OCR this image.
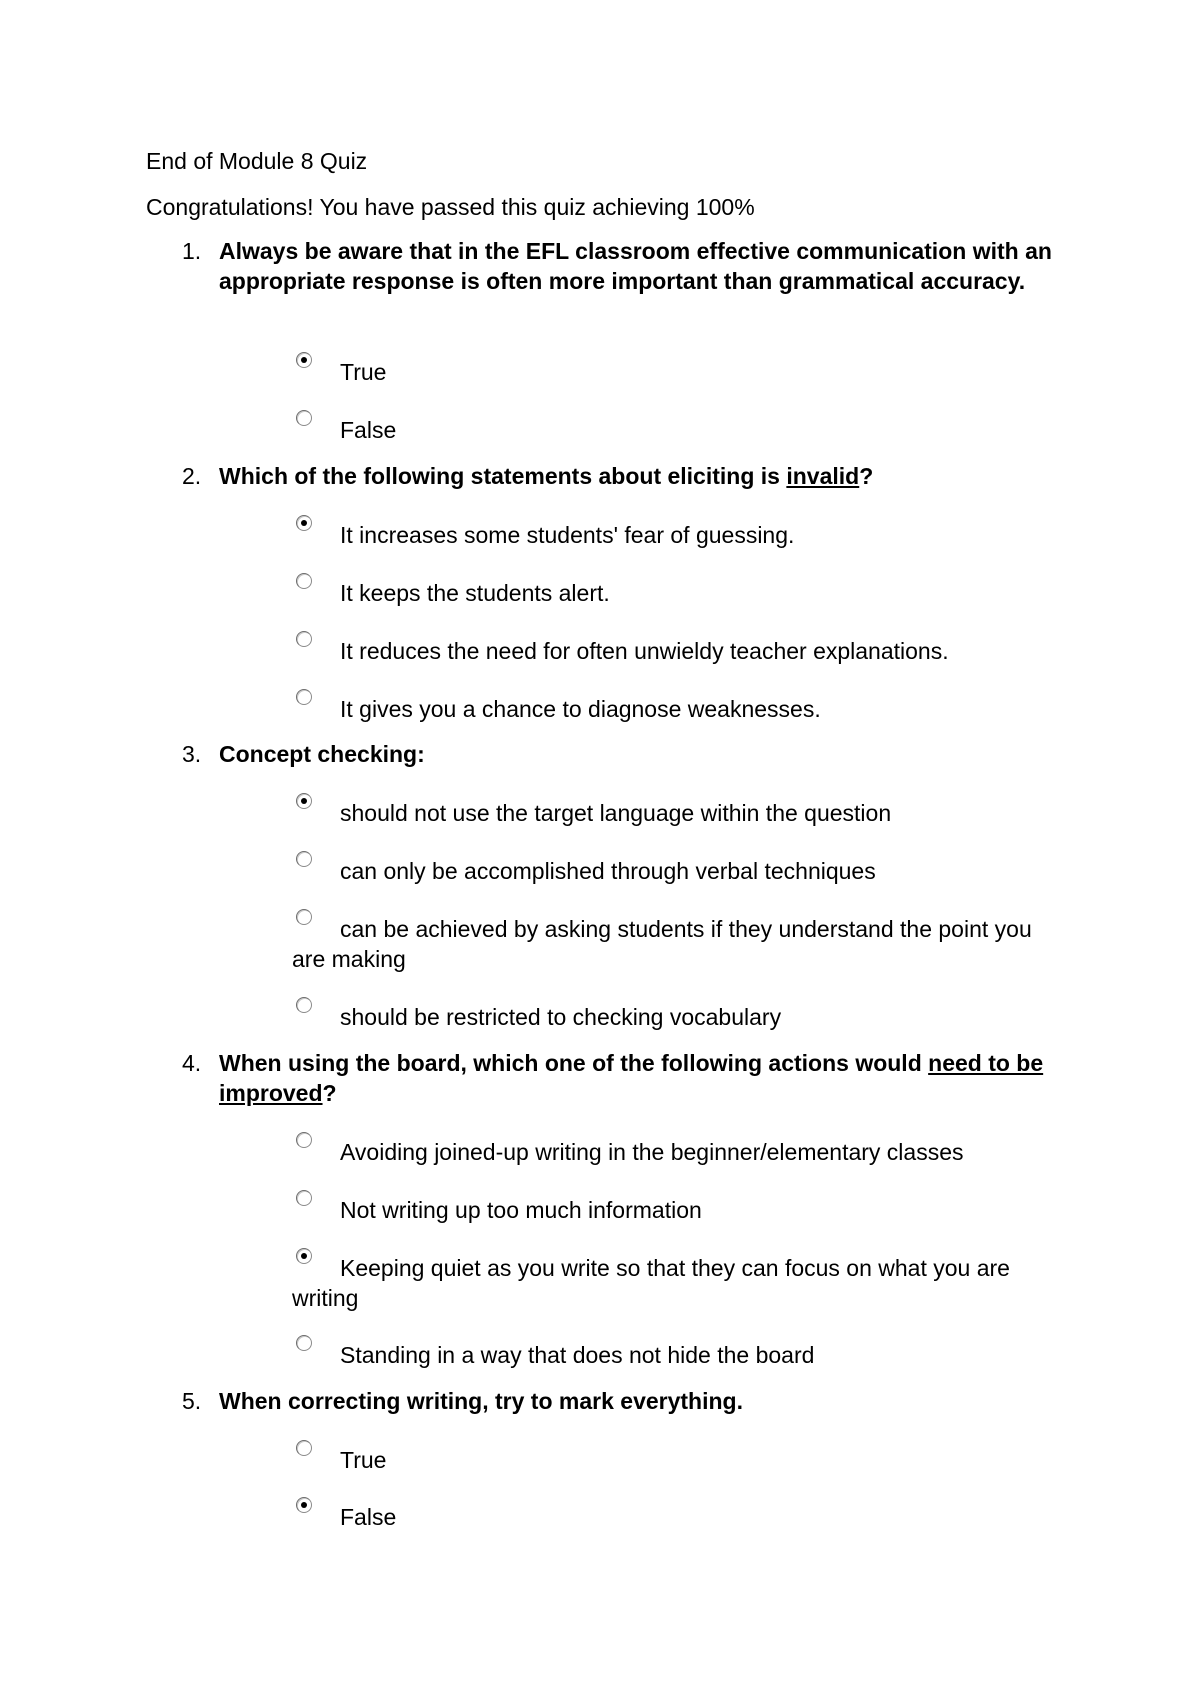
End of Module 8 Quiz
Congratulations! You have passed this quiz achieving 100%
1. Always be aware that in the EFL classroom effective communication with an appropriate response is often more important than grammatical accuracy.
True
False
2. Which of the following statements about eliciting is invalid?
It increases some students' fear of guessing.
It keeps the students alert.
It reduces the need for often unwieldy teacher explanations.
It gives you a chance to diagnose weaknesses.
3. Concept checking:
should not use the target language within the question
can only be accomplished through verbal techniques
can be achieved by asking students if they understand the point you are making
should be restricted to checking vocabulary
4. When using the board, which one of the following actions would need to be improved?
Avoiding joined-up writing in the beginner/elementary classes
Not writing up too much information
Keeping quiet as you write so that they can focus on what you are writing
Standing in a way that does not hide the board
5. When correcting writing, try to mark everything.
True
False
